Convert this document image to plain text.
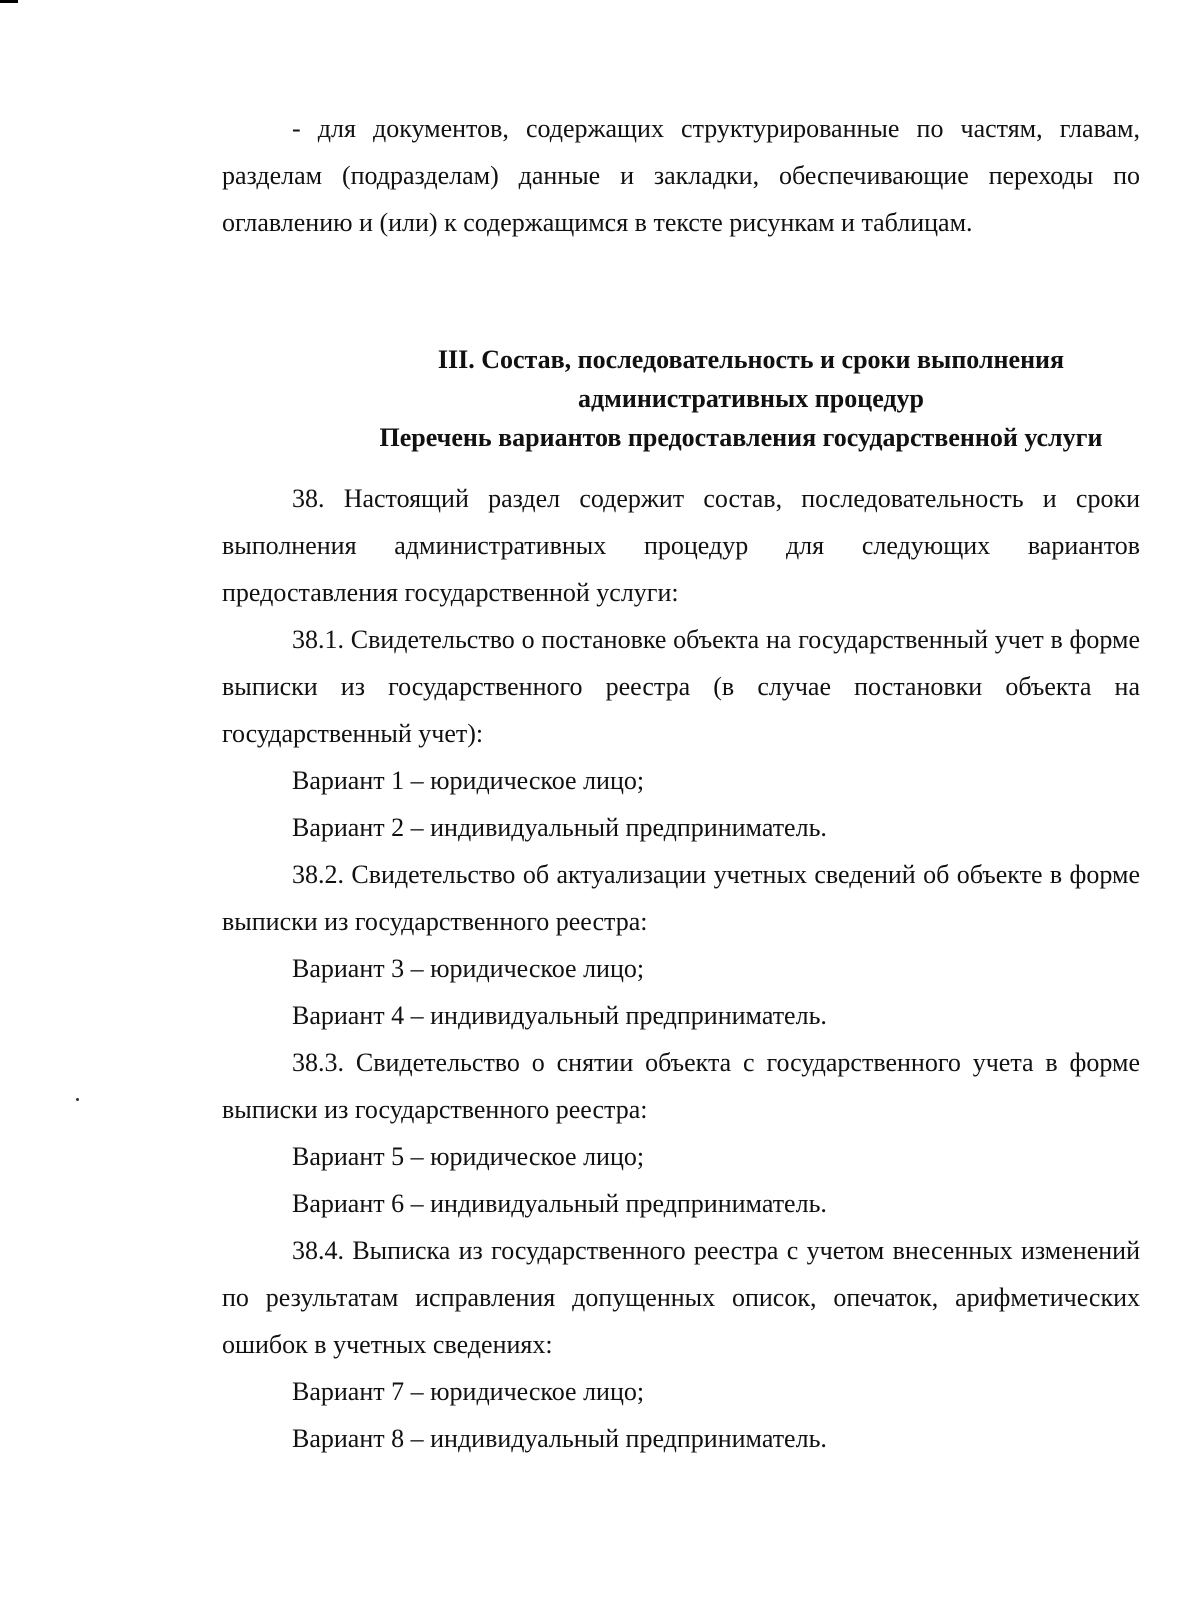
- для документов, содержащих структурированные по частям, главам, разделам (подразделам) данные и закладки, обеспечивающие переходы по оглавлению и (или) к содержащимся в тексте рисункам и таблицам.

III. Состав, последовательность и сроки выполнения
административных процедур
Перечень вариантов предоставления государственной услуги

38. Настоящий раздел содержит состав, последовательность и сроки выполнения административных процедур для следующих вариантов предоставления государственной услуги:

38.1. Свидетельство о постановке объекта на государственный учет в форме выписки из государственного реестра (в случае постановки объекта на государственный учет):

Вариант 1 – юридическое лицо;

Вариант 2 – индивидуальный предприниматель.

38.2. Свидетельство об актуализации учетных сведений об объекте в форме выписки из государственного реестра:

Вариант 3 – юридическое лицо;

Вариант 4 – индивидуальный предприниматель.

38.3. Свидетельство о снятии объекта с государственного учета в форме выписки из государственного реестра:

Вариант 5 – юридическое лицо;

Вариант 6 – индивидуальный предприниматель.

38.4. Выписка из государственного реестра с учетом внесенных изменений по результатам исправления допущенных описок, опечаток, арифметических ошибок в учетных сведениях:

Вариант 7 – юридическое лицо;

Вариант 8 – индивидуальный предприниматель.
